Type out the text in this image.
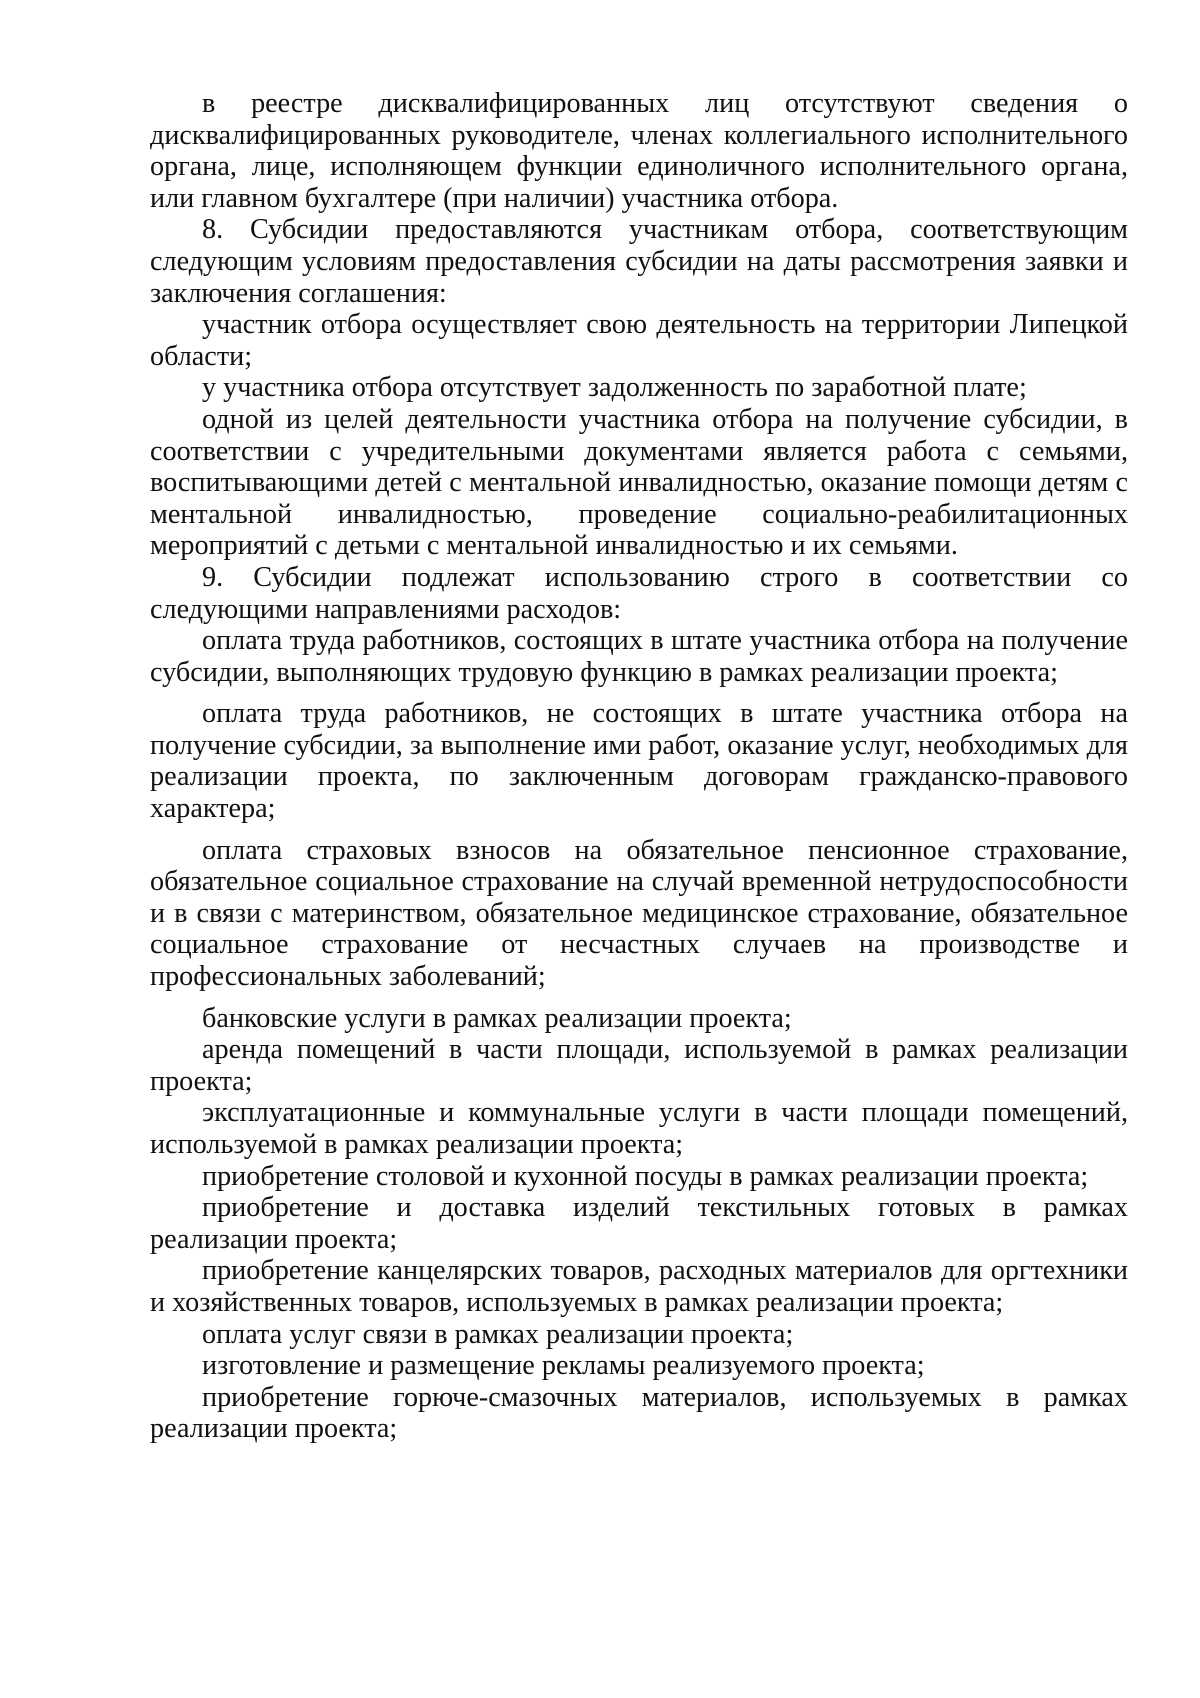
в реестре дисквалифицированных лиц отсутствуют сведения о дисквалифицированных руководителе, членах коллегиального исполнительного органа, лице, исполняющем функции единоличного исполнительного органа, или главном бухгалтере (при наличии) участника отбора.

8. Субсидии предоставляются участникам отбора, соответствующим следующим условиям предоставления субсидии на даты рассмотрения заявки и заключения соглашения:

участник отбора осуществляет свою деятельность на территории Липецкой области;

у участника отбора отсутствует задолженность по заработной плате;

одной из целей деятельности участника отбора на получение субсидии, в соответствии с учредительными документами является работа с семьями, воспитывающими детей с ментальной инвалидностью, оказание помощи детям с ментальной инвалидностью, проведение социально-реабилитационных мероприятий с детьми с ментальной инвалидностью и их семьями.

9. Субсидии подлежат использованию строго в соответствии со следующими направлениями расходов:

оплата труда работников, состоящих в штате участника отбора на получение субсидии, выполняющих трудовую функцию в рамках реализации проекта;

оплата труда работников, не состоящих в штате участника отбора на получение субсидии, за выполнение ими работ, оказание услуг, необходимых для реализации проекта, по заключенным договорам гражданско-правового характера;

оплата страховых взносов на обязательное пенсионное страхование, обязательное социальное страхование на случай временной нетрудоспособности и в связи с материнством, обязательное медицинское страхование, обязательное социальное страхование от несчастных случаев на производстве и профессиональных заболеваний;

банковские услуги в рамках реализации проекта;

аренда помещений в части площади, используемой в рамках реализации проекта;

эксплуатационные и коммунальные услуги в части площади помещений, используемой в рамках реализации проекта;

приобретение столовой и кухонной посуды в рамках реализации проекта;

приобретение и доставка изделий текстильных готовых в рамках реализации проекта;

приобретение канцелярских товаров, расходных материалов для оргтехники и хозяйственных товаров, используемых в рамках реализации проекта;

оплата услуг связи в рамках реализации проекта;

изготовление и размещение рекламы реализуемого проекта;

приобретение горюче-смазочных материалов, используемых в рамках реализации проекта;
